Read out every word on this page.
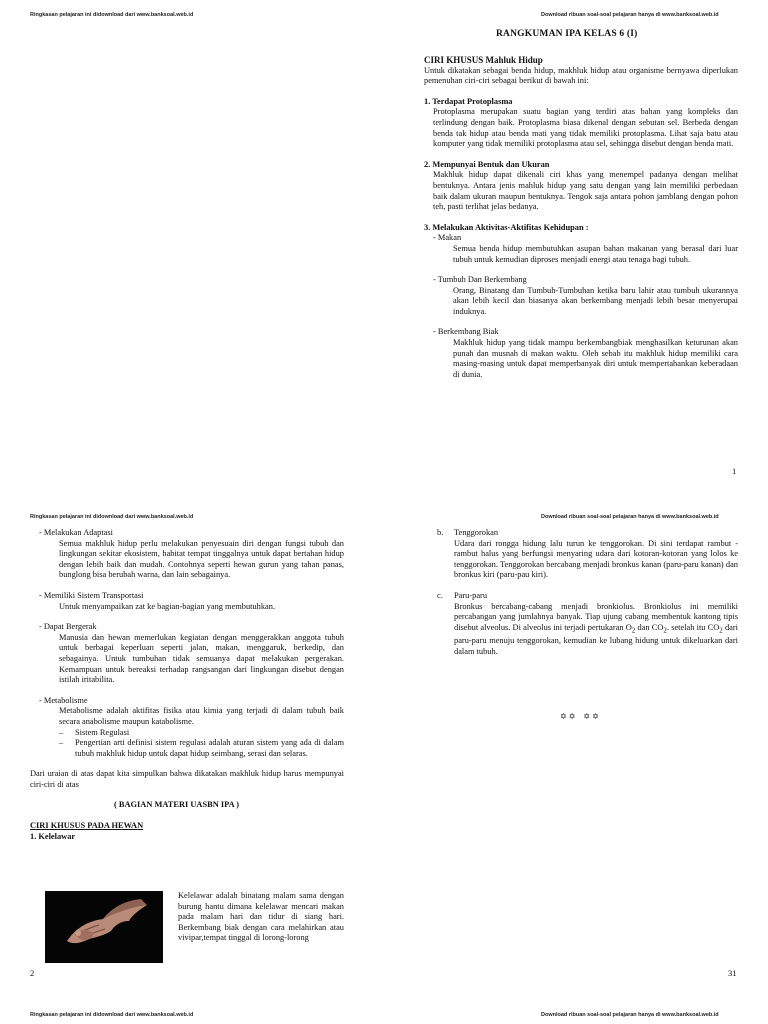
Ringkasan pelajaran ini didownload dari www.banksoal.web.id	Download ribuan soal-soal pelajaran hanya di www.banksoal.web.id
Ringkasan pelajaran ini didownload dari www.banksoal.web.id	Download ribuan soal-soal pelajaran hanya di www.banksoal.web.id
Ringkasan pelajaran ini didownload dari www.banksoal.web.id	Download ribuan soal-soal pelajaran hanya di www.banksoal.web.id
RANGKUMAN IPA KELAS 6 (I)
CIRI KHUSUS Mahluk Hidup

Untuk dikatakan sebagai benda hidup, makhluk hidup atau organisme bernyawa diperlukan pemenuhan ciri-ciri sebagai berikut di bawah ini:

1. Terdapat Protoplasma

Protoplasma merupakan suatu bagian yang terdiri atas bahan yang kompleks dan terlindung dengan baik. Protoplasma biasa dikenal dengan sebutan sel. Berbeda dengan benda tak hidup atau benda mati yang tidak memiliki protoplasma. Lihat saja batu atau komputer yang tidak memiliki protoplasma atau sel, sehingga disebut dengan benda mati.

2. Mempunyai Bentuk dan Ukuran

Makhluk hidup dapat dikenali ciri khas yang menempel padanya dengan melihat bentuknya. Antara jenis mahluk hidup yang satu dengan yang lain memiliki perbedaan baik dalam ukuran maupun bentuknya. Tengok saja antara pohon jamblang dengan pohon teh, pasti terlihat jelas bedanya.

3. Melakukan Aktivitas-Aktifitas Kehidupan :
- Makan

Semua benda hidup membutuhkan asupan bahan makanan yang berasal dari luar tubuh untuk kemudian diproses menjadi energi atau tenaga bagi tubuh.

- Tumbuh Dan Berkembang

Orang, Binatang dan Tumbuh-Tumbuhan ketika baru lahir atau tumbuh ukurannya akan lebih kecil dan biasanya akan berkembang menjadi lebih besar menyerupai induknya.

- Berkembang Biak

Makhluk hidup yang tidak mampu berkembangbiak menghasilkan keturunan akan punah dan musnah di makan waktu. Oleh sebab itu makhluk hidup memiliki cara masing-masing untuk dapat memperbanyak diri untuk mempertahankan keberadaan di dunia.

1
- Melakukan Adaptasi

Semua makhluk hidup perlu melakukan penyesuain diri dengan fungsi tubuh dan lingkungan sekitar ekosistem, habitat tempat tinggalnya untuk dapat bertahan hidup dengan lebih baik dan mudah. Contohnya seperti hewan gurun yang tahan panas, bunglong bisa berubah warna, dan lain sebagainya.

- Memiliki Sistem Transportasi

Untuk menyampaikan zat ke bagian-bagian yang membutuhkan.

- Dapat Bergerak

Manusia dan hewan memerlukan kegiatan dengan menggerakkan anggota tubuh untuk berbagai keperluan seperti jalan, makan, menggaruk, berkedip, dan sebagainya. Untuk tumbuhan tidak semuanya dapat melakukan pergerakan. Kemampuan untuk bereaksi terhadap rangsangan dari lingkungan disebut dengan istilah iritabilita.

- Metabolisme

Metabolisme adalah aktifitas fisika atau kimia yang terjadi di dalam tubuh baik secara anabolisme maupun katabolisme.

–	Sistem Regulasi
–	Pengertian arti definisi sistem regulasi adalah aturan sistem yang ada di dalam tubuh makhluk hidup untuk dapat hidup seimbang, serasi dan selaras.

Dari uraian di atas dapat kita simpulkan bahwa dikatakan makhluk hidup harus mempunyai ciri-ciri di atas

( BAGIAN MATERI UASBN IPA )
CIRI KHUSUS PADA HEWAN
1. Kelelawar

Kelelawar adalah binatang malam sama dengan burung hantu dimana kelelawar mencari makan pada malam hari dan tidur di siang hari. Berkembang biak dengan cara melahirkan atau vivipar,tempat tinggal di lorong-lorong

2
b.	Tenggorokan

Udara dari rongga hidung lalu turun ke tenggorokan. Di sini terdapat rambut -rambut halus yang berfungsi menyaring udara dari kotoran-kotoran yang lolos ke tenggorokan. Tenggorokan bercabang menjadi bronkus kanan (paru-paru kanan) dan bronkus kiri (paru-pau kiri).

c.	Paru-paru

Bronkus bercabang-cabang menjadi bronkiolus. Bronkiolus ini memiliki percabangan yang jumlahnya banyak. Tiap ujung cabang membentuk kantong tipis disebut alveolus. Di alveolus ini terjadi pertukaran $O_2$ dan $CO_2$. setelah itu $CO_2$ dari paru-paru menuju tenggorokan, kemudian ke lubang hidung untuk dikeluarkan dari dalam tubuh.

✡ ✡    ✡ ✡
31
